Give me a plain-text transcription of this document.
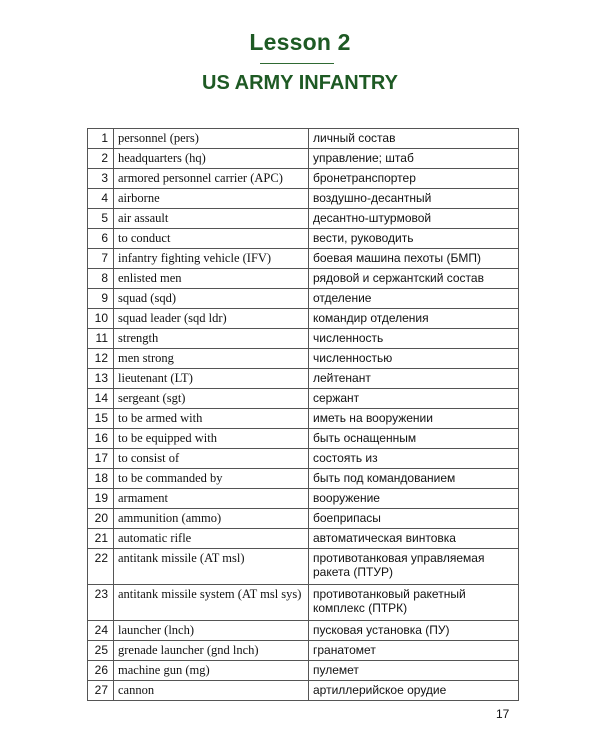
Lesson 2
US ARMY INFANTRY
1	personnel (pers)	личный состав
2	headquarters (hq)	управление; штаб
3	armored personnel carrier (APC)	бронетранспортер
4	airborne	воздушно-десантный
5	air assault	десантно-штурмовой
6	to conduct	вести, руководить
7	infantry fighting vehicle (IFV)	боевая машина пехоты (БМП)
8	enlisted men	рядовой и сержантский состав
9	squad (sqd)	отделение
10	squad leader (sqd ldr)	командир отделения
11	strength	численность
12	men strong	численностью
13	lieutenant (LT)	лейтенант
14	sergeant (sgt)	сержант
15	to be armed with	иметь на вооружении
16	to be equipped with	быть оснащенным
17	to consist of	состоять из
18	to be commanded by	быть под командованием
19	armament	вооружение
20	ammunition (ammo)	боеприпасы
21	automatic rifle	автоматическая винтовка
22	antitank missile (AT msl)	противотанковая управляемая ракета (ПТУР)
23	antitank missile system (AT msl sys)	противотанковый ракетный комплекс (ПТРК)
24	launcher (lnch)	пусковая установка (ПУ)
25	grenade launcher (gnd lnch)	гранатомет
26	machine gun (mg)	пулемет
27	cannon	артиллерийское орудие
17
